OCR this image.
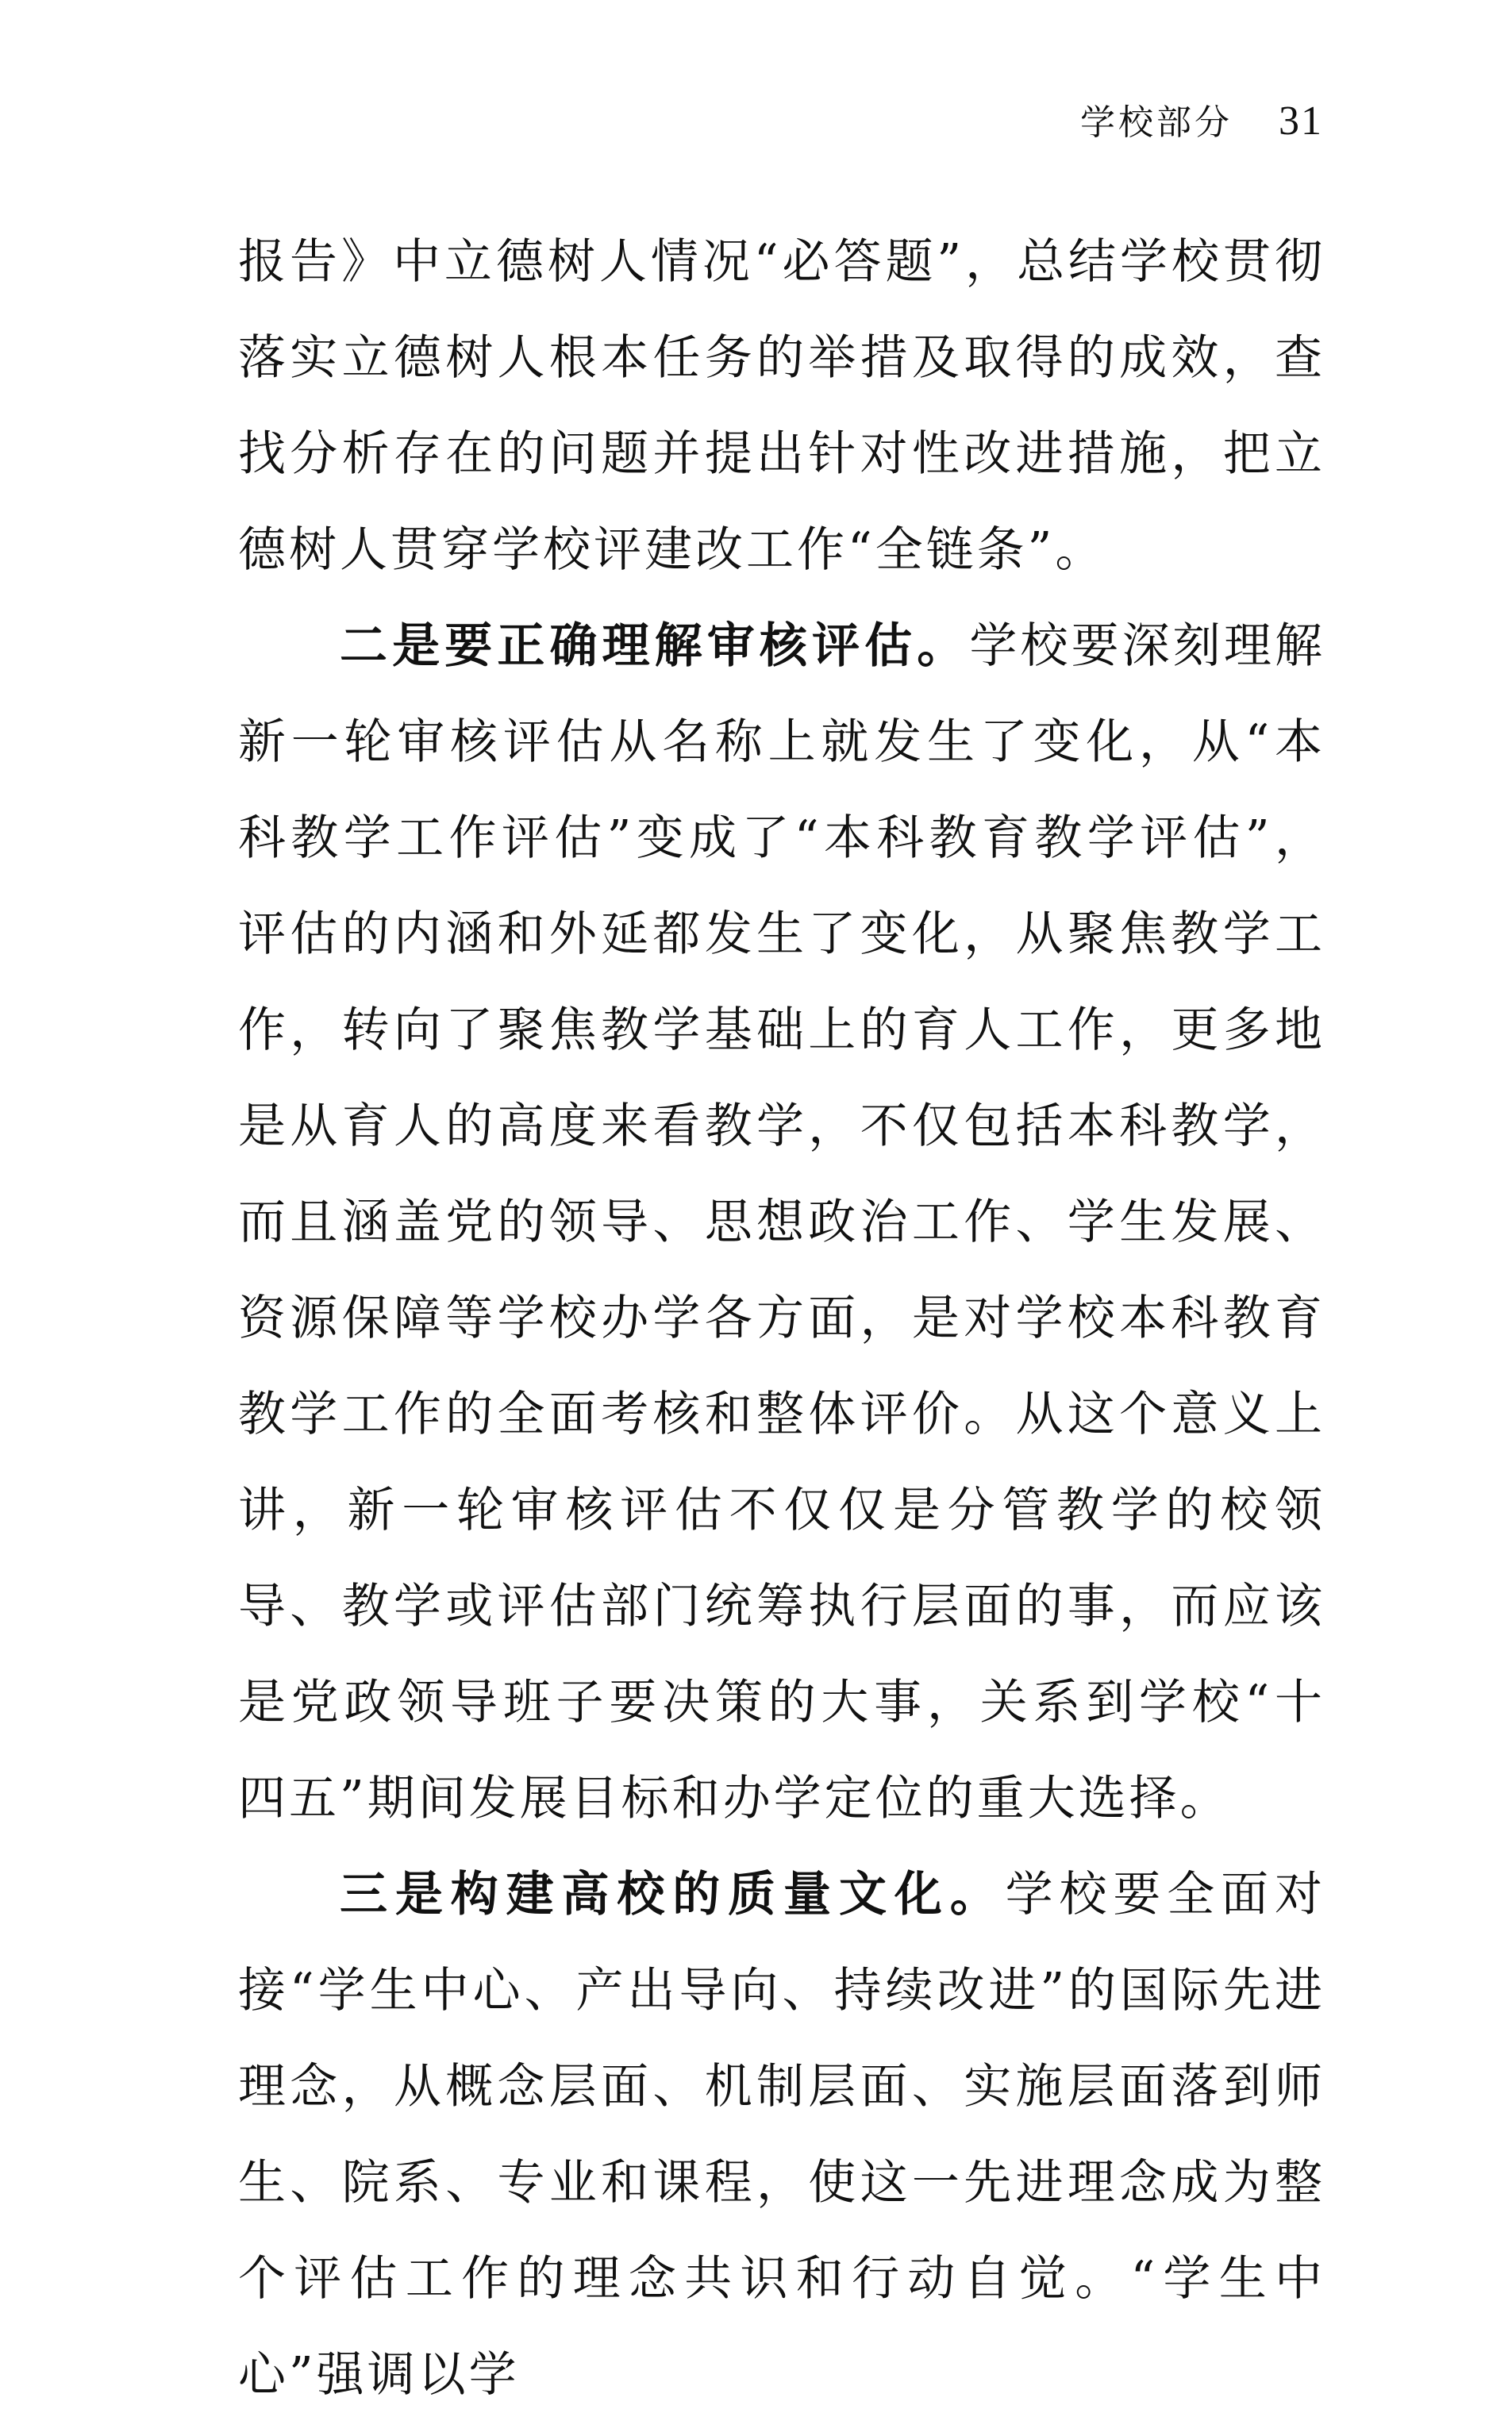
学校部分 31

报告》中立德树人情况“必答题”，总结学校贯彻落实立德树人根本任务的举措及取得的成效，查找分析存在的问题并提出针对性改进措施，把立德树人贯穿学校评建改工作“全链条”。

二是要正确理解审核评估。学校要深刻理解新一轮审核评估从名称上就发生了变化，从“本科教学工作评估”变成了“本科教育教学评估”，评估的内涵和外延都发生了变化，从聚焦教学工作，转向了聚焦教学基础上的育人工作，更多地是从育人的高度来看教学，不仅包括本科教学，而且涵盖党的领导、思想政治工作、学生发展、资源保障等学校办学各方面，是对学校本科教育教学工作的全面考核和整体评价。从这个意义上讲，新一轮审核评估不仅仅是分管教学的校领导、教学或评估部门统筹执行层面的事，而应该是党政领导班子要决策的大事，关系到学校“十四五”期间发展目标和办学定位的重大选择。

三是构建高校的质量文化。学校要全面对接“学生中心、产出导向、持续改进”的国际先进理念，从概念层面、机制层面、实施层面落到师生、院系、专业和课程，使这一先进理念成为整个评估工作的理念共识和行动自觉。“学生中心”强调以学
